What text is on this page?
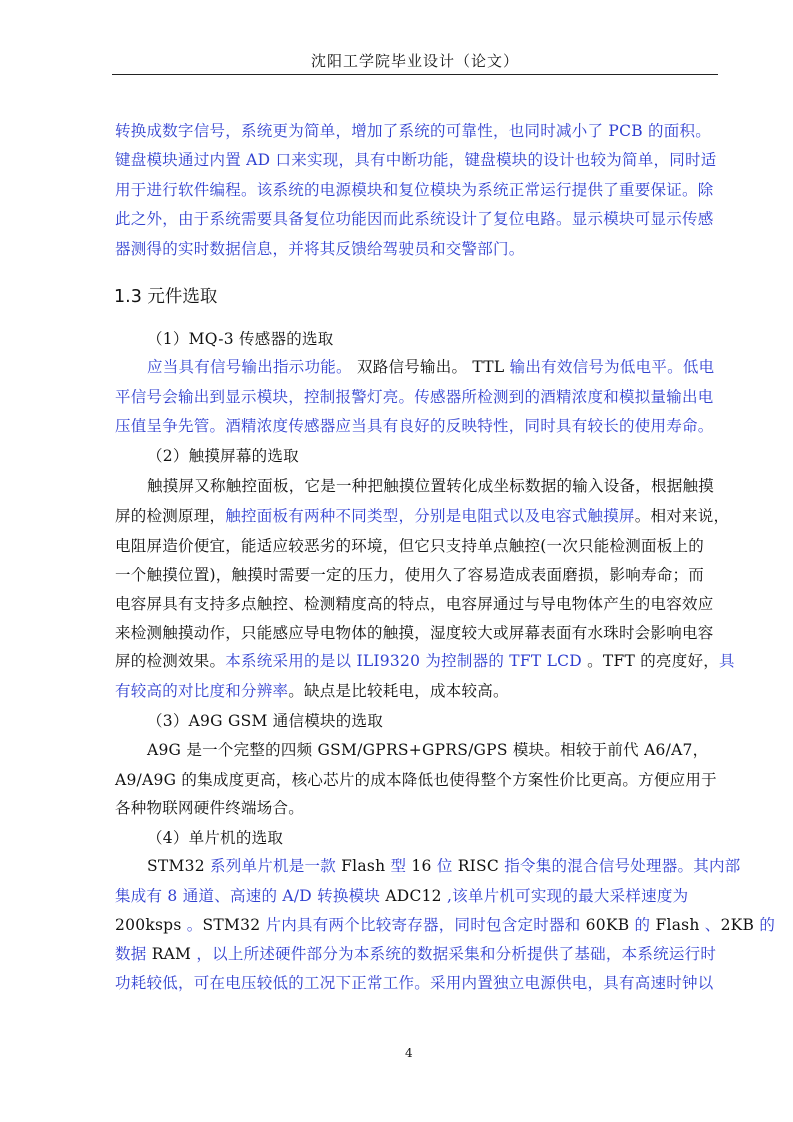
沈阳工学院毕业设计（论文）
转换成数字信号，系统更为简单，增加了系统的可靠性，也同时减小了 PCB 的面积。
键盘模块通过内置 AD 口来实现，具有中断功能，键盘模块的设计也较为简单，同时适
用于进行软件编程。该系统的电源模块和复位模块为系统正常运行提供了重要保证。除
此之外，由于系统需要具备复位功能因而此系统设计了复位电路。显示模块可显示传感
器测得的实时数据信息，并将其反馈给驾驶员和交警部门。
1.3 元件选取
（1）MQ-3 传感器的选取
应当具有信号输出指示功能。 双路信号输出。 TTL 输出有效信号为低电平。低电
平信号会输出到显示模块，控制报警灯亮。传感器所检测到的酒精浓度和模拟量输出电
压值呈争先管。酒精浓度传感器应当具有良好的反映特性，同时具有较长的使用寿命。
（2）触摸屏幕的选取
触摸屏又称触控面板，它是一种把触摸位置转化成坐标数据的输入设备，根据触摸
屏的检测原理，触控面板有两种不同类型，分别是电阻式以及电容式触摸屏。相对来说，
电阻屏造价便宜，能适应较恶劣的环境，但它只支持单点触控(一次只能检测面板上的
一个触摸位置)，触摸时需要一定的压力，使用久了容易造成表面磨损，影响寿命；而
电容屏具有支持多点触控、检测精度高的特点，电容屏通过与导电物体产生的电容效应
来检测触摸动作，只能感应导电物体的触摸，湿度较大或屏幕表面有水珠时会影响电容
屏的检测效果。本系统采用的是以 ILI9320 为控制器的 TFT LCD 。TFT 的亮度好，具
有较高的对比度和分辨率。缺点是比较耗电，成本较高。
（3）A9G GSM 通信模块的选取
A9G 是一个完整的四频 GSM/GPRS+GPRS/GPS 模块。相较于前代 A6/A7，
A9/A9G 的集成度更高，核心芯片的成本降低也使得整个方案性价比更高。方便应用于
各种物联网硬件终端场合。
（4）单片机的选取
STM32 系列单片机是一款 Flash 型 16 位 RISC 指令集的混合信号处理器。其内部
集成有 8 通道、高速的 A/D 转换模块 ADC12 ,该单片机可实现的最大采样速度为
200ksps 。STM32 片内具有两个比较寄存器，同时包含定时器和 60KB 的 Flash 、2KB 的
数据 RAM ，以上所述硬件部分为本系统的数据采集和分析提供了基础，本系统运行时
功耗较低，可在电压较低的工况下正常工作。采用内置独立电源供电，具有高速时钟以
4
